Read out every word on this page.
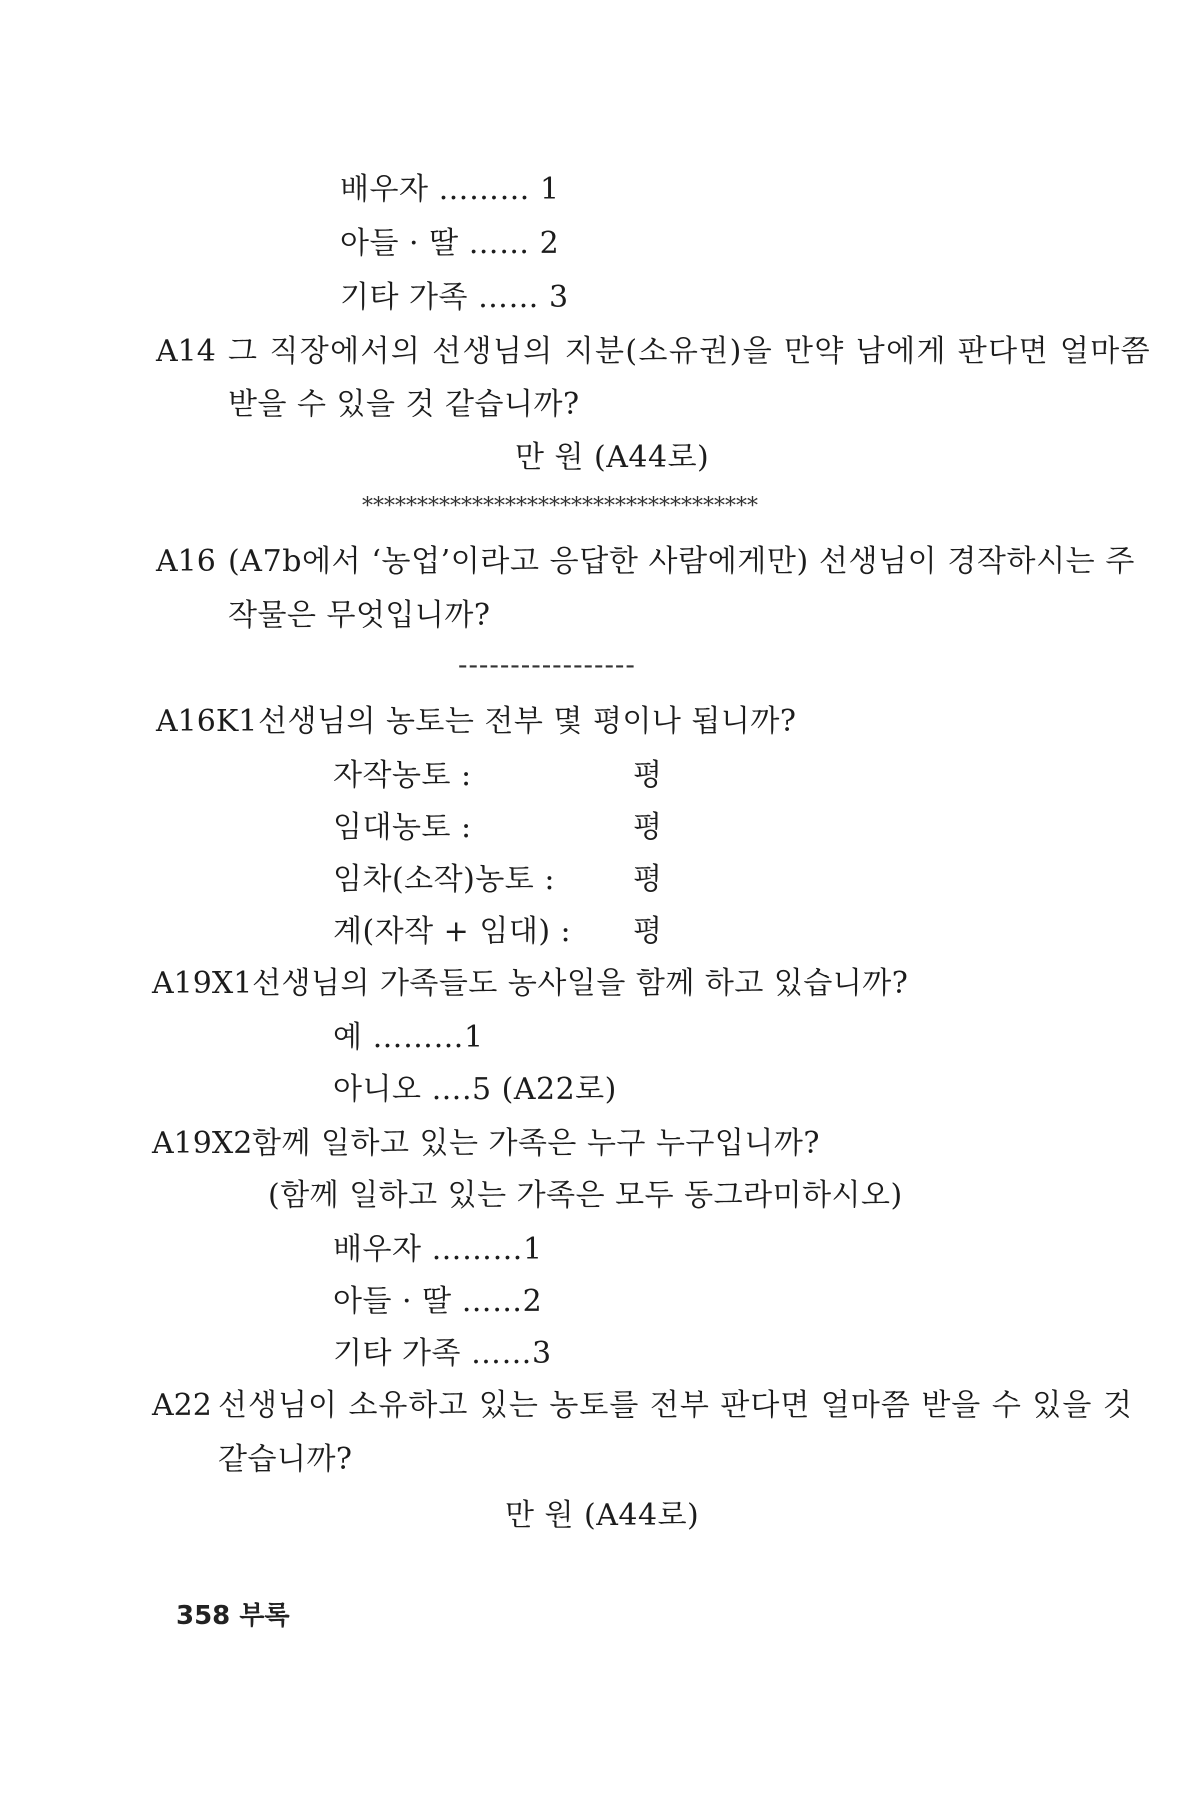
배우자 ……… 1
아들 · 딸 …… 2
기타 가족 …… 3
A14 그 직장에서의 선생님의 지분(소유권)을 만약 남에게 판다면 얼마쯤
받을 수 있을 것 같습니까?
만 원 (A44로)
************************************
A16 (A7b에서 ‘농업’이라고 응답한 사람에게만) 선생님이 경작하시는 주
작물은 무엇입니까?
-----------------
A16K1 선생님의 농토는 전부 몇 평이나 됩니까?
자작농토 :	평
임대농토 :	평
임차(소작)농토 :	평
계(자작 + 임대) : 평
A19X1 선생님의 가족들도 농사일을 함께 하고 있습니까?
예 ………1
아니오 ….5 (A22로)
A19X2 함께 일하고 있는 가족은 누구 누구입니까?
(함께 일하고 있는 가족은 모두 동그라미하시오)
배우자 ………1
아들 · 딸 ……2
기타 가족 ……3
A22 선생님이 소유하고 있는 농토를 전부 판다면 얼마쯤 받을 수 있을 것
같습니까?
만 원 (A44로)
358 부록
